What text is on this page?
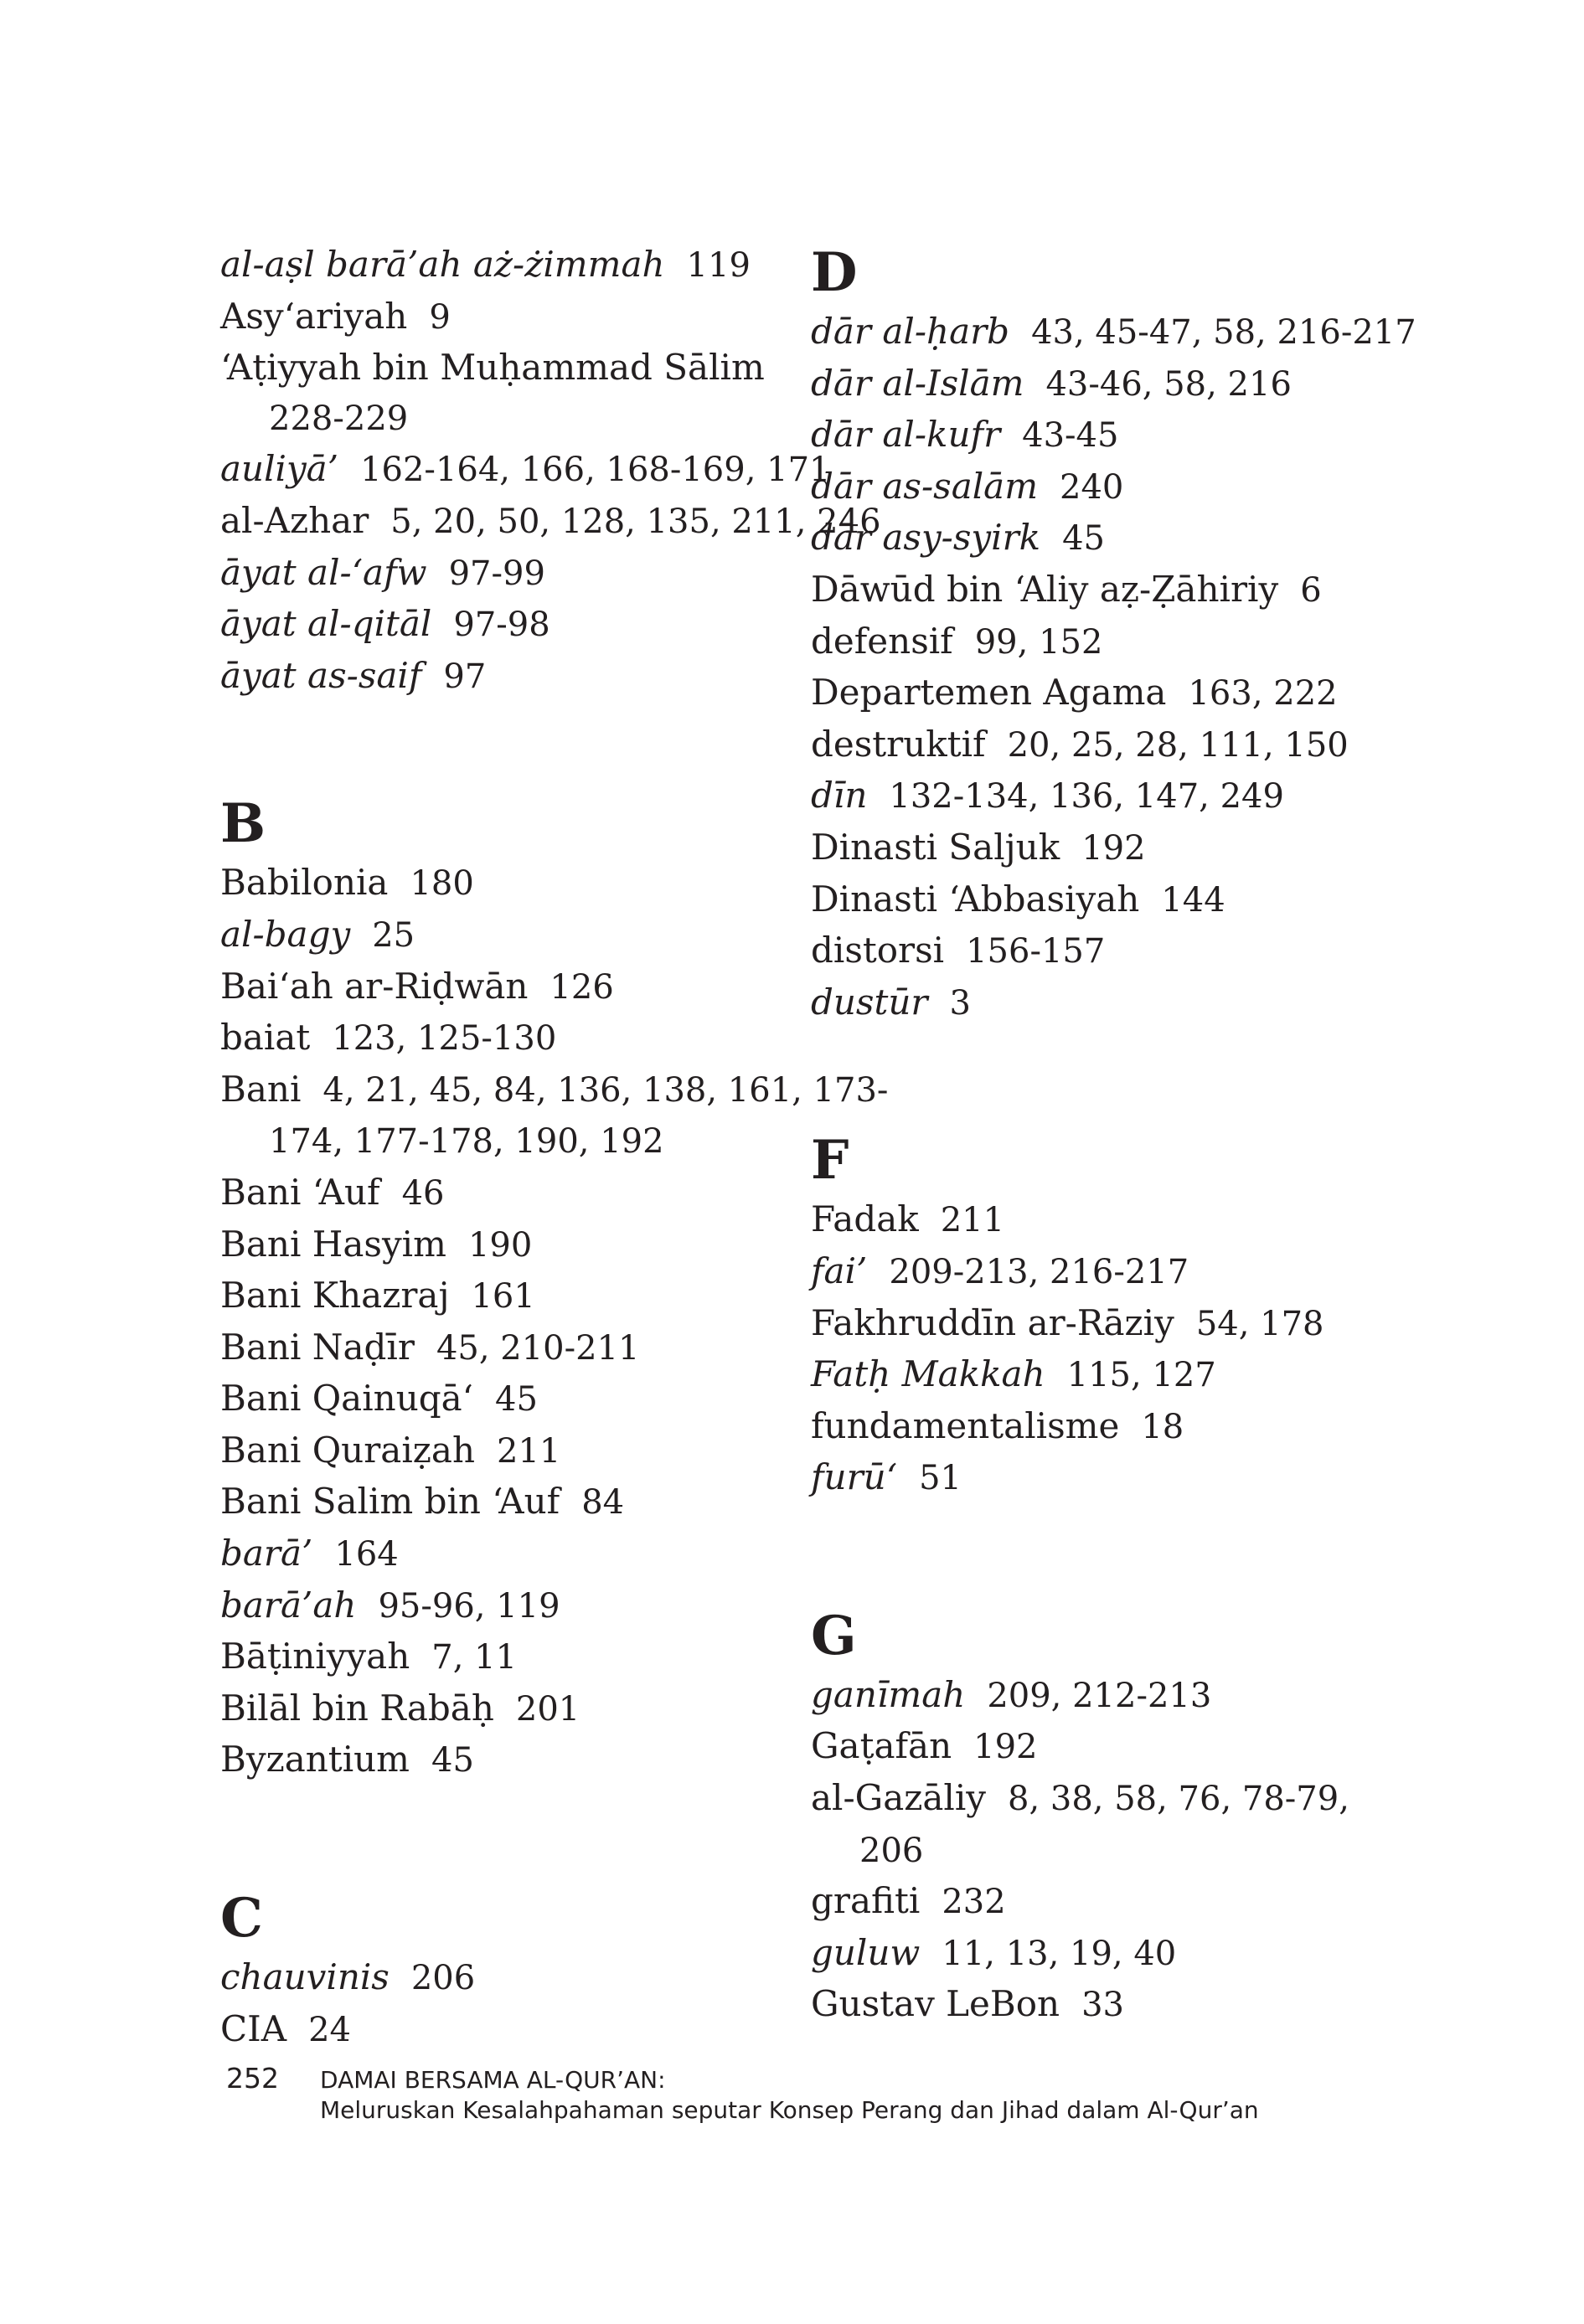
al-aṣl barā’ah aż-żimmah 119
Asy‘ariyah 9
‘Aṭiyyah bin Muḥammad Sālim
228-229
auliyā’ 162-164, 166, 168-169, 171
al-Azhar 5, 20, 50, 128, 135, 211, 246
āyat al-‘afw 97-99
āyat al-qitāl 97-98
āyat as-saif 97
B
Babilonia 180
al-bagy 25
Bai‘ah ar-Riḍwān 126
baiat 123, 125-130
Bani 4, 21, 45, 84, 136, 138, 161, 173-
174, 177-178, 190, 192
Bani ‘Auf 46
Bani Hasyim 190
Bani Khazraj 161
Bani Naḍīr 45, 210-211
Bani Qainuqā‘ 45
Bani Quraiẓah 211
Bani Salim bin ‘Auf 84
barā’ 164
barā’ah 95-96, 119
Bāṭiniyyah 7, 11
Bilāl bin Rabāḥ 201
Byzantium 45
C
chauvinis 206
CIA 24
D
dār al-ḥarb 43, 45-47, 58, 216-217
dār al-Islām 43-46, 58, 216
dār al-kufr 43-45
dār as-salām 240
dār asy-syirk 45
Dāwūd bin ‘Aliy aẓ-Ẓāhiriy 6
defensif 99, 152
Departemen Agama 163, 222
destruktif 20, 25, 28, 111, 150
dīn 132-134, 136, 147, 249
Dinasti Saljuk 192
Dinasti ‘Abbasiyah 144
distorsi 156-157
dustūr 3
F
Fadak 211
fai’ 209-213, 216-217
Fakhruddīn ar-Rāziy 54, 178
Fatḥ Makkah 115, 127
fundamentalisme 18
furū‘ 51
G
ganīmah 209, 212-213
Gaṭafān 192
al-Gazāliy 8, 38, 58, 76, 78-79,
206
grafiti 232
guluw 11, 13, 19, 40
Gustav LeBon 33
252 DAMAI BERSAMA AL-QUR’AN:
Meluruskan Kesalahpahaman seputar Konsep Perang dan Jihad dalam Al-Qur’an
